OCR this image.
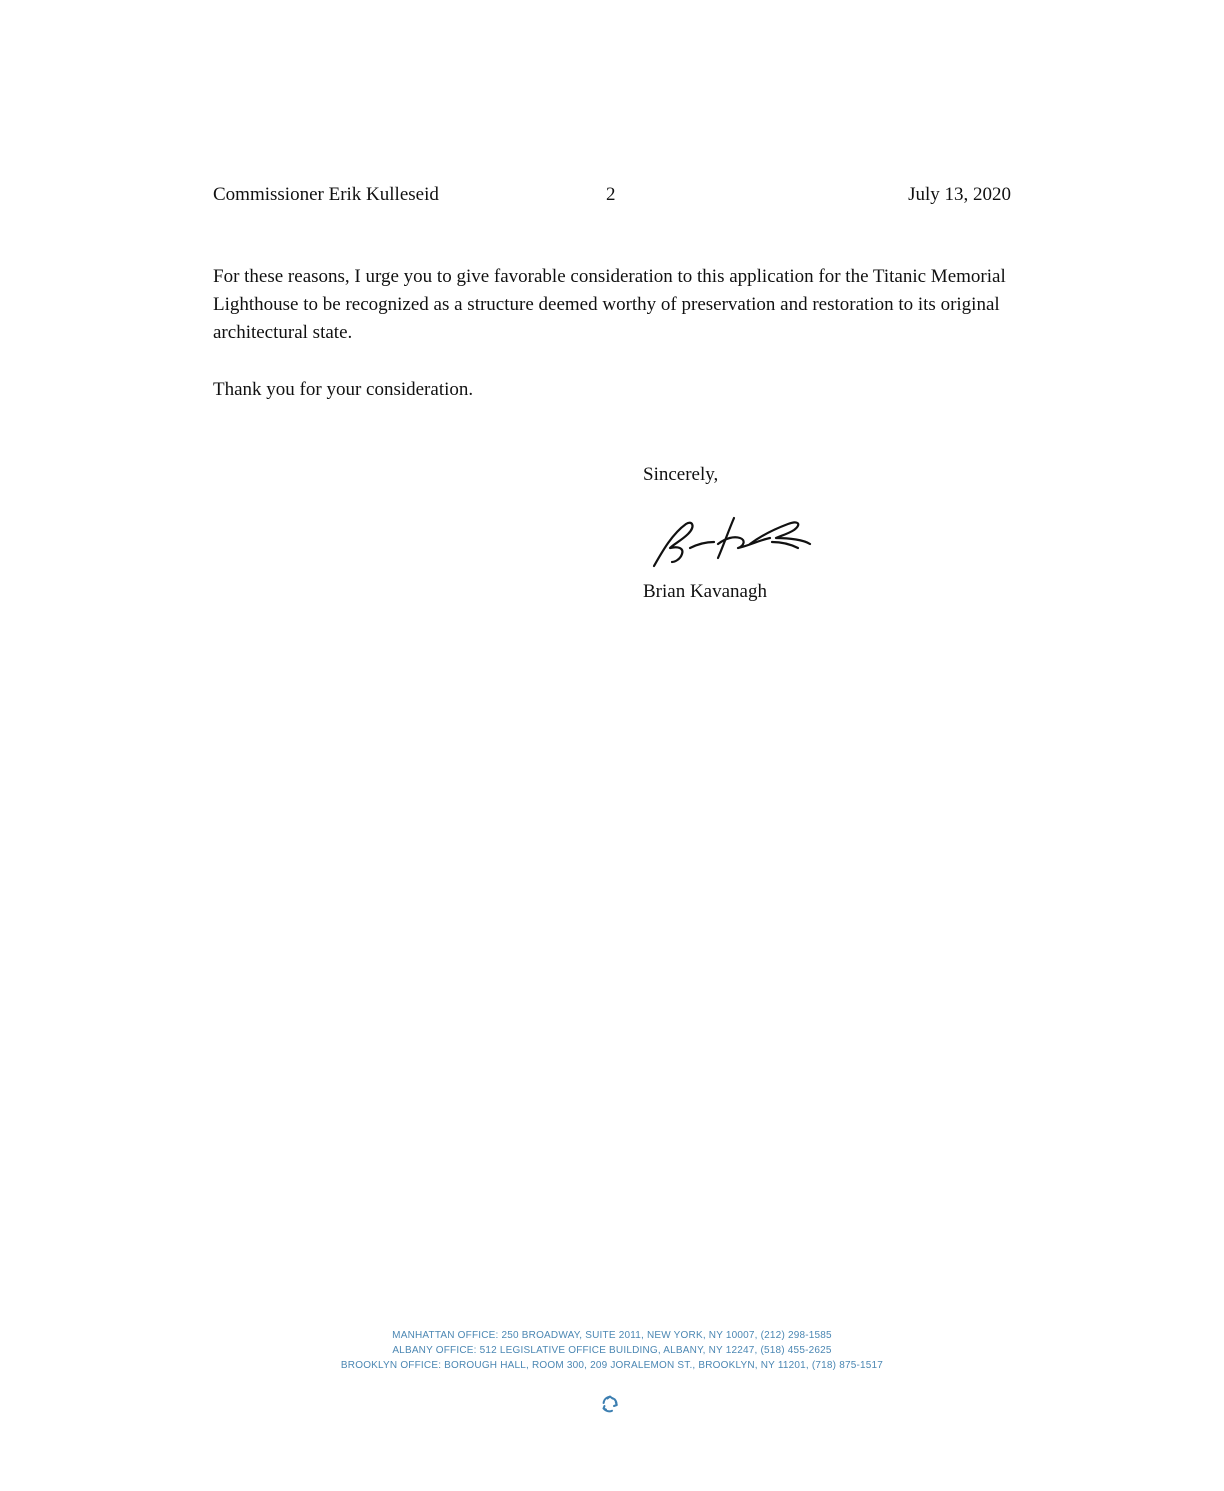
Commissioner Erik Kulleseid	2	July 13, 2020

For these reasons, I urge you to give favorable consideration to this application for the Titanic Memorial Lighthouse to be recognized as a structure deemed worthy of preservation and restoration to its original architectural state.

Thank you for your consideration.

Sincerely,
Brian Kavanagh
MANHATTAN OFFICE: 250 BROADWAY, SUITE 2011, NEW YORK, NY 10007, (212) 298-1585
ALBANY OFFICE: 512 LEGISLATIVE OFFICE BUILDING, ALBANY, NY 12247, (518) 455-2625
BROOKLYN OFFICE: BOROUGH HALL, ROOM 300, 209 JORALEMON ST., BROOKLYN, NY 11201, (718) 875-1517
